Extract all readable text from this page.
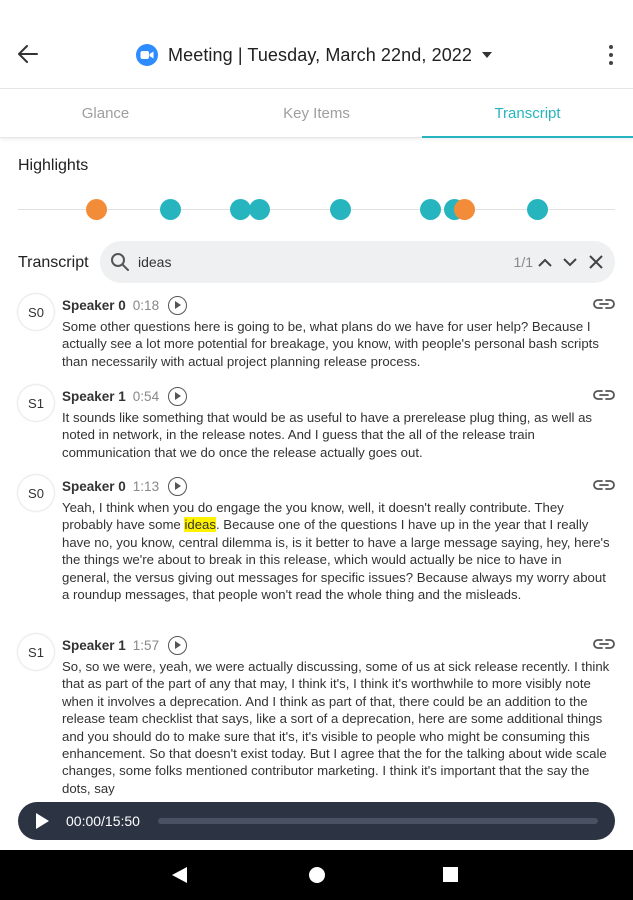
Meeting | Tuesday, March 22nd, 2022
Glance	Key Items	Transcript
Highlights
Transcript
ideas	1/1
S0	Speaker 0 0:18
Some other questions here is going to be, what plans do we have for user help? Because I actually see a lot more potential for breakage, you know, with people's personal bash scripts than necessarily with actual project planning release process.
S1	Speaker 1 0:54
It sounds like something that would be as useful to have a prerelease plug thing, as well as noted in network, in the release notes. And I guess that the all of the release train communication that we do once the release actually goes out.
S0	Speaker 0 1:13
Yeah, I think when you do engage the you know, well, it doesn't really contribute. They probably have some ideas. Because one of the questions I have up in the year that I really have no, you know, central dilemma is, is it better to have a large message saying, hey, here's the things we're about to break in this release, which would actually be nice to have in general, the versus giving out messages for specific issues? Because always my worry about a roundup messages, that people won't read the whole thing and the misleads.
S1	Speaker 1 1:57
So, so we were, yeah, we were actually discussing, some of us at sick release recently. I think that as part of the part of any that may, I think it's, I think it's worthwhile to more visibly note when it involves a deprecation. And I think as part of that, there could be an addition to the release team checklist that says, like a sort of a deprecation, here are some additional things and you should do to make sure that it's, it's visible to people who might be consuming this enhancement. So that doesn't exist today. But I agree that the for the talking about wide scale changes, some folks mentioned contributor marketing. I think it's important that the say the dots, say
00:00/15:50
